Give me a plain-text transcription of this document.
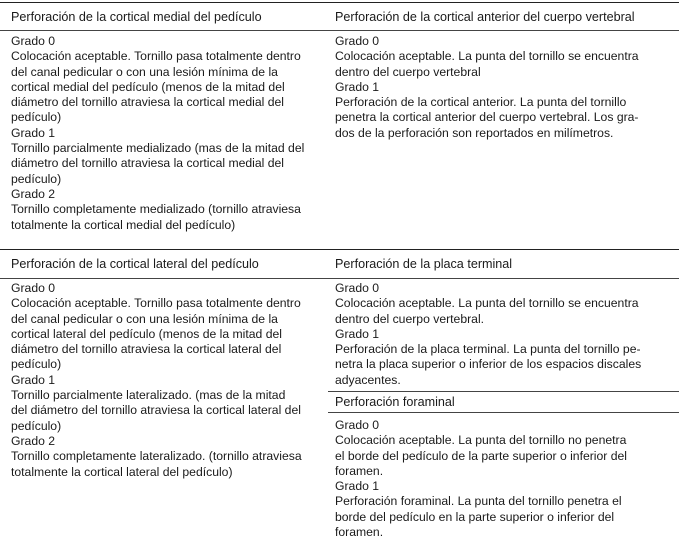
Perforación de la cortical medial del pedículo
Grado 0
Colocación aceptable. Tornillo pasa totalmente dentro
del canal pedicular o con una lesión mínima de la
cortical medial del pedículo (menos de la mitad del
diámetro del tornillo atraviesa la cortical medial del
pedículo)
Grado 1
Tornillo parcialmente medializado (mas de la mitad del
diámetro del tornillo atraviesa la cortical medial del
pedículo)
Grado 2
Tornillo completamente medializado (tornillo atraviesa
totalmente la cortical medial del pedículo)
Perforación de la cortical anterior del cuerpo vertebral
Grado 0
Colocación aceptable. La punta del tornillo se encuentra
dentro del cuerpo vertebral
Grado 1
Perforación de la cortical anterior. La punta del tornillo
penetra la cortical anterior del cuerpo vertebral. Los gra-
dos de la perforación son reportados en milímetros.
Perforación de la cortical lateral del pedículo
Grado 0
Colocación aceptable. Tornillo pasa totalmente dentro
del canal pedicular o con una lesión mínima de la
cortical lateral del pedículo (menos de la mitad del
diámetro del tornillo atraviesa la cortical lateral del
pedículo)
Grado 1
Tornillo parcialmente lateralizado. (mas de la mitad
del diámetro del tornillo atraviesa la cortical lateral del
pedículo)
Grado 2
Tornillo completamente lateralizado. (tornillo atraviesa
totalmente la cortical lateral del pedículo)
Perforación de la placa terminal
Grado 0
Colocación aceptable. La punta del tornillo se encuentra
dentro del cuerpo vertebral.
Grado 1
Perforación de la placa terminal. La punta del tornillo pe-
netra la placa superior o inferior de los espacios discales
adyacentes.
Perforación foraminal
Grado 0
Colocación aceptable. La punta del tornillo no penetra
el borde del pedículo de la parte superior o inferior del
foramen.
Grado 1
Perforación foraminal. La punta del tornillo penetra el
borde del pedículo en la parte superior o inferior del
foramen.
